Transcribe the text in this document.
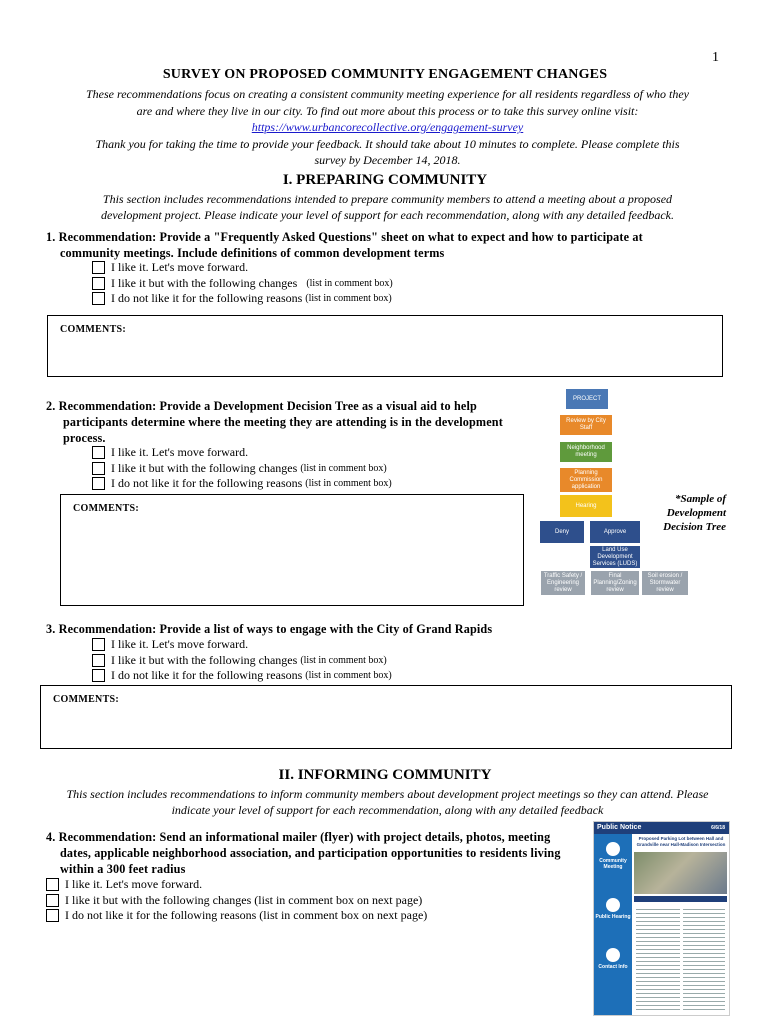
1
SURVEY ON PROPOSED COMMUNITY ENGAGEMENT CHANGES
These recommendations focus on creating a consistent community meeting experience for all residents regardless of who they
are and where they live in our city. To find out more about this process or to take this survey online visit:
https://www.urbancorecollective.org/engagement-survey
Thank you for taking the time to provide your feedback. It should take about 10 minutes to complete. Please complete this
survey by December 14, 2018.
I. PREPARING COMMUNITY
This section includes recommendations intended to prepare community members to attend a meeting about a proposed
development project. Please indicate your level of support for each recommendation, along with any detailed feedback.
1. Recommendation: Provide a "Frequently Asked Questions" sheet on what to expect and how to participate at
community meetings. Include definitions of common development terms
I like it. Let's move forward.
I like it but with the following changes
(list in comment box)
I do not like it for the following reasons
(list in comment box)
COMMENTS:
2. Recommendation: Provide a Development Decision Tree as a visual aid to help
participants determine where the meeting they are attending is in the development
process.
I like it. Let's move forward.
I like it but with the following changes
(list in comment box)
I do not like it for the following reasons
(list in comment box)
COMMENTS:
PROJECT
Review by City Staff
Neighborhood meeting
Planning Commission application
Hearing
Deny	Approve
Land Use Development Services (LUDS)
Traffic Safety / Engineering review
Final Planning/Zoning review
Soil erosion / Stormwater review
*Sample of
Development
Decision Tree
3. Recommendation: Provide a list of ways to engage with the City of Grand Rapids
I like it. Let's move forward.
I like it but with the following changes
(list in comment box)
I do not like it for the following reasons
(list in comment box)
COMMENTS:
II. INFORMING COMMUNITY
This section includes recommendations to inform community members about development project meetings so they can attend. Please
indicate your level of support for each recommendation, along with any detailed feedback
4. Recommendation: Send an informational mailer (flyer) with project details, photos, meeting
dates, applicable neighborhood association, and participation opportunities to residents living
within a 300 feet radius
I like it. Let's move forward.
I like it but with the following changes (list in comment box on next page)
I do not like it for the following reasons (list in comment box on next page)
Public Notice	6/6/18
Community Meeting
Public Hearing
Contact Info
Proposed Parking Lot between Hall and Grandville near Hall-Madison Intersection
